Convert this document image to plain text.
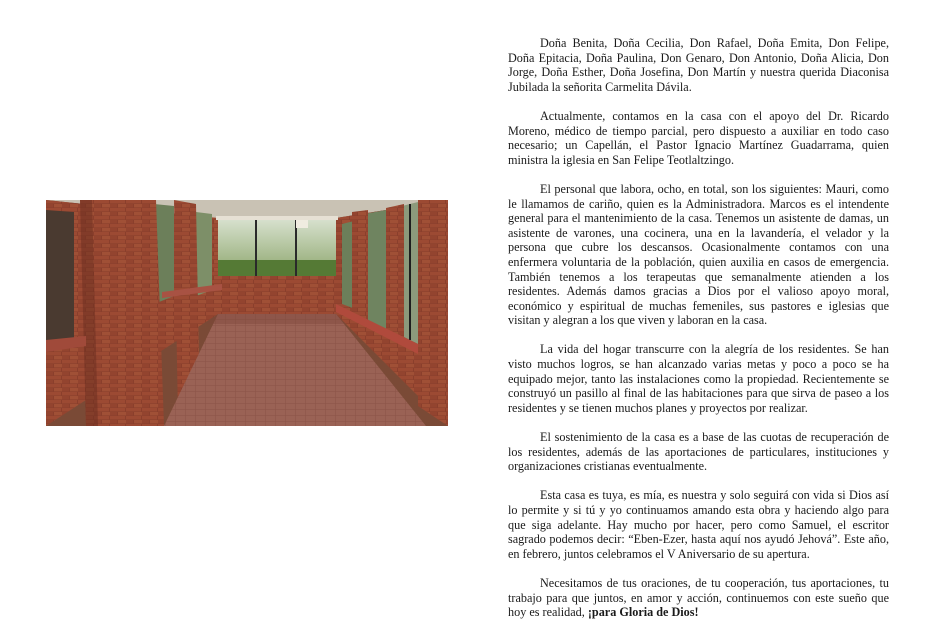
Doña Benita, Doña Cecilia, Don Rafael, Doña Emita, Don Felipe, Doña Epitacia, Doña Paulina, Don Genaro, Don Antonio, Doña Alicia, Don Jorge, Doña Esther, Doña Josefina, Don Martín y nuestra querida Diaconisa Jubilada la señorita Carmelita Dávila.

Actualmente, contamos en la casa con el apoyo del Dr. Ricardo Moreno, médico de tiempo parcial, pero dispuesto a auxiliar en todo caso necesario; un Capellán, el Pastor Ignacio Martínez Guadarrama, quien ministra la iglesia en San Felipe Teotlaltzingo.

El personal que labora, ocho, en total, son los siguientes: Mauri, como le llamamos de cariño, quien es la Administradora. Marcos es el intendente general para el mantenimiento de la casa. Tenemos un asistente de damas, un asistente de varones, una cocinera, una en la lavandería, el velador y la persona que cubre los descansos. Ocasionalmente contamos con una enfermera voluntaria de la población, quien auxilia en casos de emergencia. También tenemos a los terapeutas que semanalmente atienden a los residentes. Además damos gracias a Dios por el valioso apoyo moral, económico y espiritual de muchas femeniles, sus pastores e iglesias que visitan y alegran a los que viven y laboran en la casa.

La vida del hogar transcurre con la alegría de los residentes. Se han visto muchos logros, se han alcanzado varias metas y poco a poco se ha equipado mejor, tanto las instalaciones como la propiedad. Recientemente se construyó un pasillo al final de las habitaciones para que sirva de paseo a los residentes y se tienen muchos planes y proyectos por realizar.

El sostenimiento de la casa es a base de las cuotas de recuperación de los residentes, además de las aportaciones de particulares, instituciones y organizaciones cristianas eventualmente.

Esta casa es tuya, es mía, es nuestra y solo seguirá con vida si Dios así lo permite y si tú y yo continuamos amando esta obra y haciendo algo para que siga adelante. Hay mucho por hacer, pero como Samuel, el escritor sagrado podemos decir: “Eben-Ezer, hasta aquí nos ayudó Jehová”. Este año, en febrero, juntos celebramos el V Aniversario de su apertura.

Necesitamos de tus oraciones, de tu cooperación, tus aportaciones, tu trabajo para que juntos, en amor y acción, continuemos con este sueño que hoy es realidad, ¡para Gloria de Dios!
